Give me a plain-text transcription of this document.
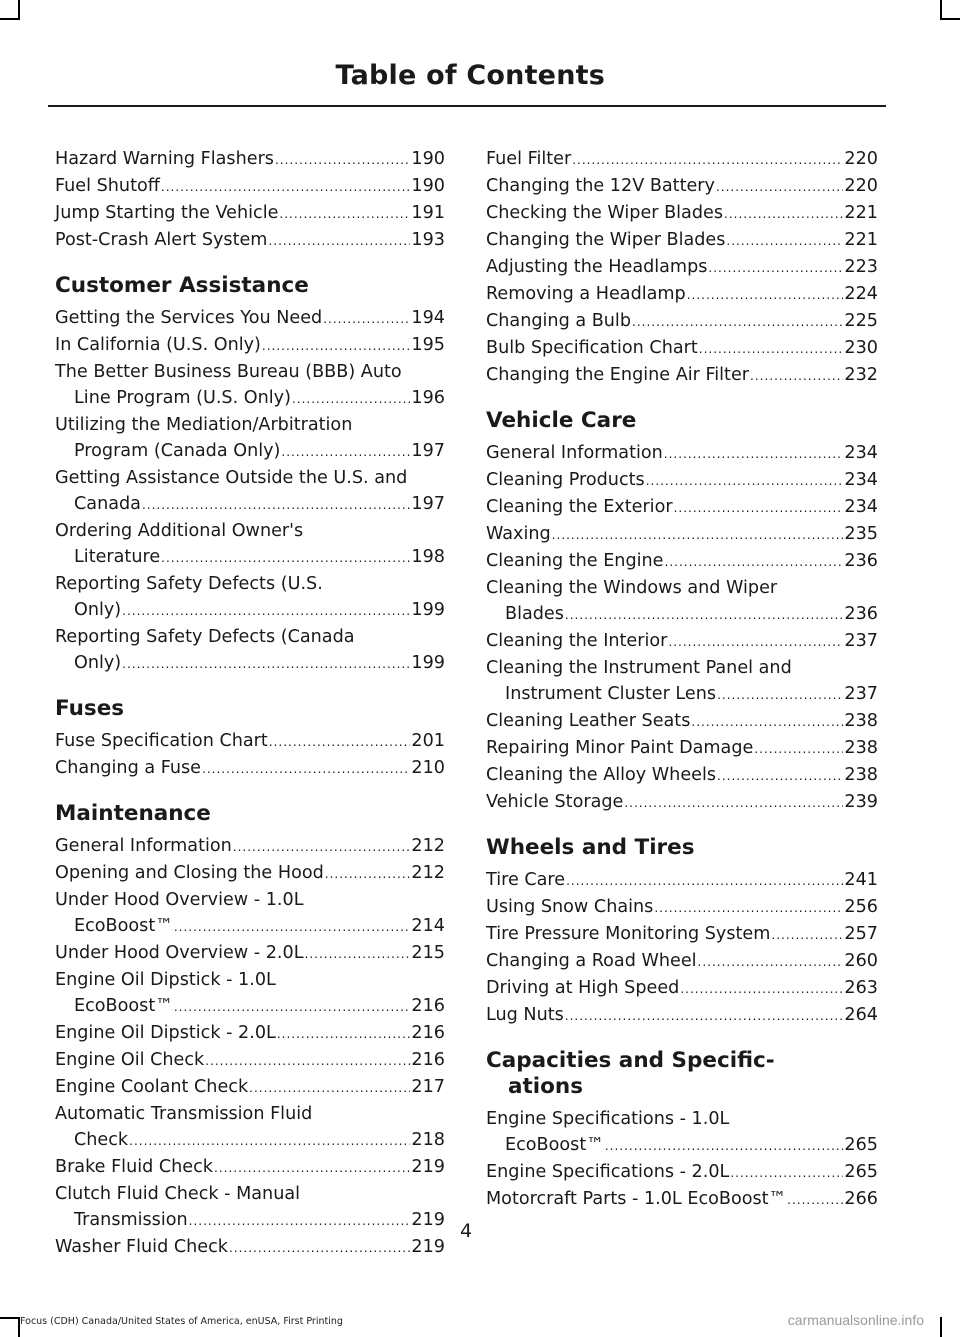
Table of Contents
Hazard Warning Flashers .....	190
Fuel Shutoff .....	190
Jump Starting the Vehicle .....	191
Post-Crash Alert System .....	193
Customer Assistance
Getting the Services You Need .....	194
In California (U.S. Only) .....	195
The Better Business Bureau (BBB) Auto
Line Program (U.S. Only) .....	196
Utilizing the Mediation/Arbitration
Program (Canada Only) .....	197
Getting Assistance Outside the U.S. and
Canada .....	197
Ordering Additional Owner's
Literature .....	198
Reporting Safety Defects (U.S.
Only) .....	199
Reporting Safety Defects (Canada
Only) .....	199
Fuses
Fuse Specification Chart .....	201
Changing a Fuse .....	210
Maintenance
General Information .....	212
Opening and Closing the Hood .....	212
Under Hood Overview - 1.0L
EcoBoost™ .....	214
Under Hood Overview - 2.0L .....	215
Engine Oil Dipstick - 1.0L
EcoBoost™ .....	216
Engine Oil Dipstick - 2.0L .....	216
Engine Oil Check .....	216
Engine Coolant Check .....	217
Automatic Transmission Fluid
Check .....	218
Brake Fluid Check .....	219
Clutch Fluid Check - Manual
Transmission .....	219
Washer Fluid Check .....	219
Fuel Filter .....	220
Changing the 12V Battery .....	220
Checking the Wiper Blades .....	221
Changing the Wiper Blades .....	221
Adjusting the Headlamps .....	223
Removing a Headlamp .....	224
Changing a Bulb .....	225
Bulb Specification Chart .....	230
Changing the Engine Air Filter .....	232
Vehicle Care
General Information .....	234
Cleaning Products .....	234
Cleaning the Exterior .....	234
Waxing .....	235
Cleaning the Engine .....	236
Cleaning the Windows and Wiper
Blades .....	236
Cleaning the Interior .....	237
Cleaning the Instrument Panel and
Instrument Cluster Lens .....	237
Cleaning Leather Seats .....	238
Repairing Minor Paint Damage .....	238
Cleaning the Alloy Wheels .....	238
Vehicle Storage .....	239
Wheels and Tires
Tire Care .....	241
Using Snow Chains .....	256
Tire Pressure Monitoring System .....	257
Changing a Road Wheel .....	260
Driving at High Speed .....	263
Lug Nuts .....	264
Capacities and Specific-
ations
Engine Specifications - 1.0L
EcoBoost™ .....	265
Engine Specifications - 2.0L .....	265
Motorcraft Parts - 1.0L EcoBoost™ .....	266
4
Focus (CDH) Canada/United States of America, enUSA, First Printing	carmanualsonline.info
